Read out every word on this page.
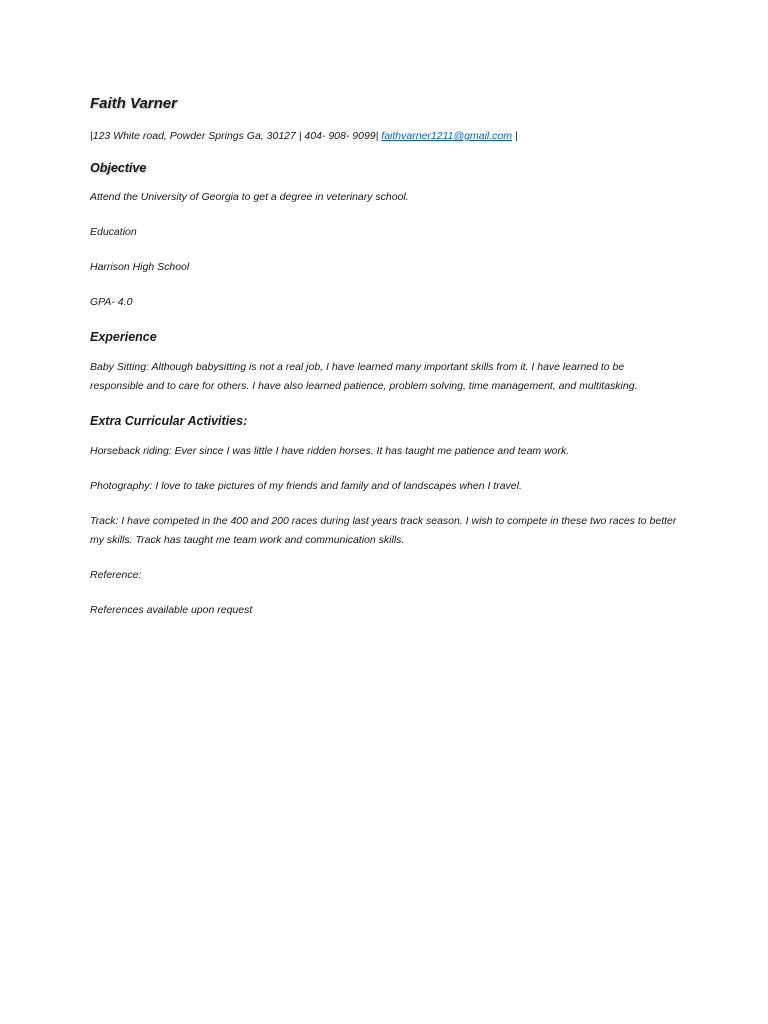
Faith Varner
|123 White road, Powder Springs Ga, 30127 | 404- 908- 9099| faithvarner1211@gmail.com |
Objective
Attend the University of Georgia to get a degree in veterinary school.
Education
Harrison High School
GPA- 4.0
Experience
Baby Sitting: Although babysitting is not a real job, I have learned many important skills from it. I have learned to be responsible and to care for others. I have also learned patience, problem solving, time management, and multitasking.
Extra Curricular Activities:
Horseback riding: Ever since I was little I have ridden horses. It has taught me patience and team work.
Photography: I love to take pictures of my friends and family and of landscapes when I travel.
Track: I have competed in the 400 and 200 races during last years track season. I wish to compete in these two races to better my skills. Track has taught me team work and communication skills.
Reference:
References available upon request
